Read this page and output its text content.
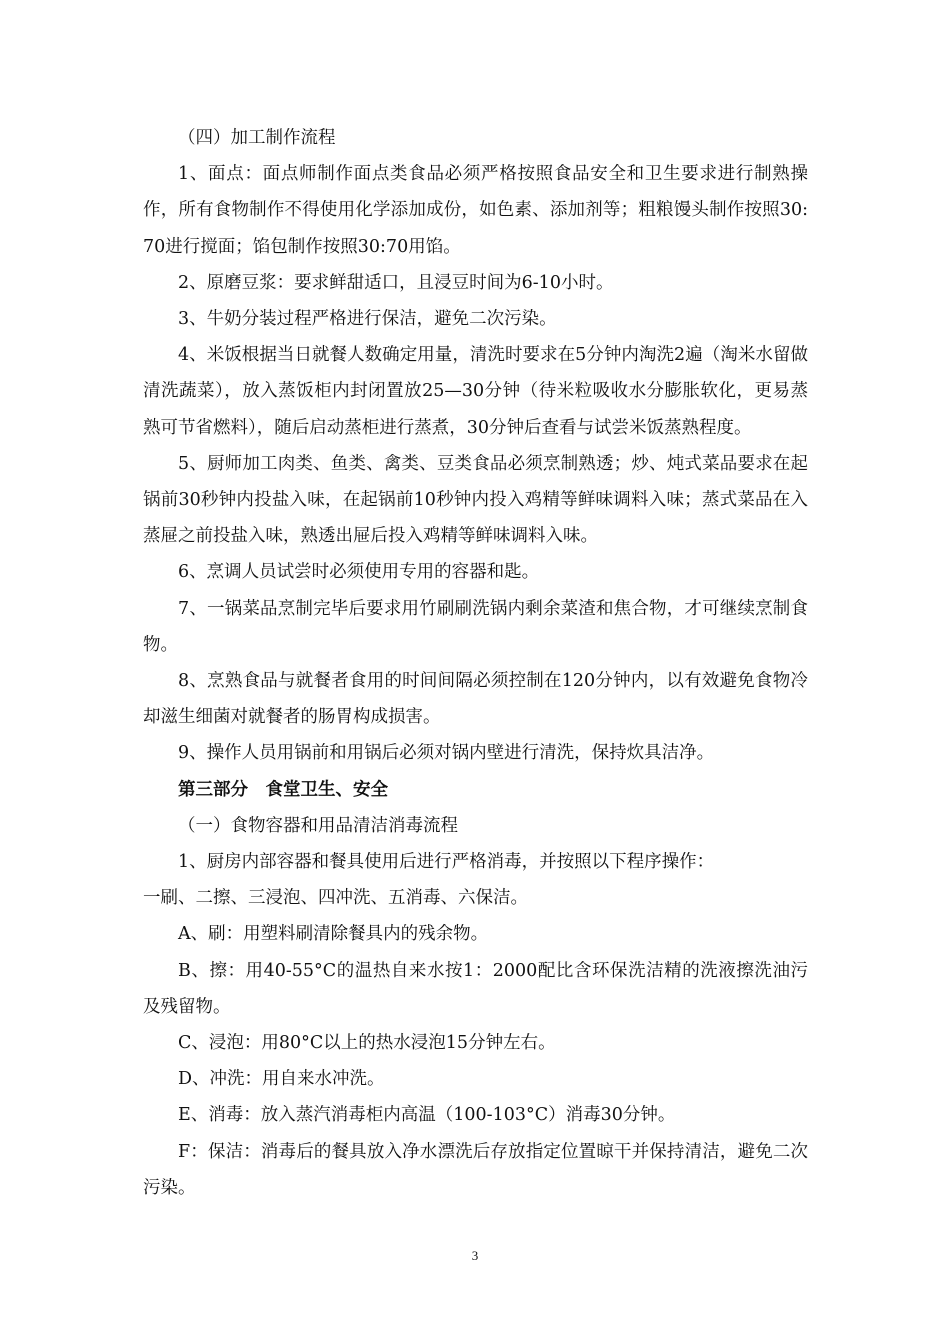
（四）加工制作流程

1、面点：面点师制作面点类食品必须严格按照食品安全和卫生要求进行制熟操作，所有食物制作不得使用化学添加成份，如色素、添加剂等；粗粮馒头制作按照30:70进行搅面；馅包制作按照30:70用馅。

2、原磨豆浆：要求鲜甜适口，且浸豆时间为6-10小时。

3、牛奶分装过程严格进行保洁，避免二次污染。

4、米饭根据当日就餐人数确定用量，清洗时要求在5分钟内淘洗2遍（淘米水留做清洗蔬菜），放入蒸饭柜内封闭置放25—30分钟（待米粒吸收水分膨胀软化，更易蒸熟可节省燃料），随后启动蒸柜进行蒸煮，30分钟后查看与试尝米饭蒸熟程度。

5、厨师加工肉类、鱼类、禽类、豆类食品必须烹制熟透；炒、炖式菜品要求在起锅前30秒钟内投盐入味，在起锅前10秒钟内投入鸡精等鲜味调料入味；蒸式菜品在入蒸屉之前投盐入味，熟透出屉后投入鸡精等鲜味调料入味。

6、烹调人员试尝时必须使用专用的容器和匙。

7、一锅菜品烹制完毕后要求用竹刷刷洗锅内剩余菜渣和焦合物，才可继续烹制食物。

8、烹熟食品与就餐者食用的时间间隔必须控制在120分钟内，以有效避免食物冷却滋生细菌对就餐者的肠胃构成损害。

9、操作人员用锅前和用锅后必须对锅内壁进行清洗，保持炊具洁净。

第三部分　食堂卫生、安全

（一）食物容器和用品清洁消毒流程

1、厨房内部容器和餐具使用后进行严格消毒，并按照以下程序操作：

一刷、二擦、三浸泡、四冲洗、五消毒、六保洁。

A、刷：用塑料刷清除餐具内的残余物。

B、擦：用40-55°C的温热自来水按1：2000配比含环保洗洁精的洗液擦洗油污及残留物。

C、浸泡：用80°C以上的热水浸泡15分钟左右。

D、冲洗：用自来水冲洗。

E、消毒：放入蒸汽消毒柜内高温（100-103°C）消毒30分钟。

F：保洁：消毒后的餐具放入净水漂洗后存放指定位置晾干并保持清洁，避免二次污染。

3
